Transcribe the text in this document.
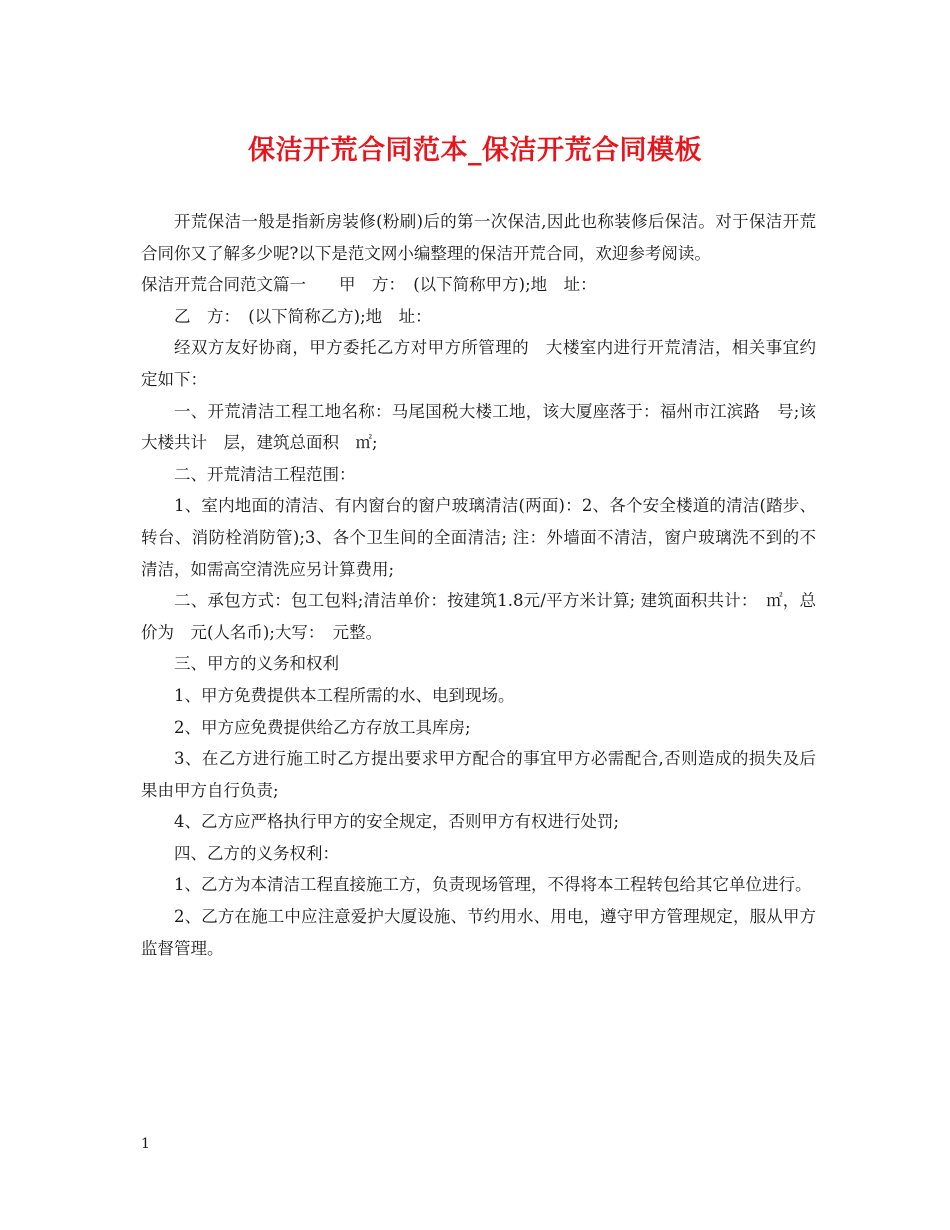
保洁开荒合同范本_保洁开荒合同模板

开荒保洁一般是指新房装修(粉刷)后的第一次保洁,因此也称装修后保洁。对于保洁开荒合同你又了解多少呢?以下是范文网小编整理的保洁开荒合同，欢迎参考阅读。

保洁开荒合同范文篇一　　甲　方：　(以下简称甲方);地　址：

乙　方：　(以下简称乙方);地　址：

经双方友好协商，甲方委托乙方对甲方所管理的　大楼室内进行开荒清洁，相关事宜约定如下：

一、开荒清洁工程工地名称：马尾国税大楼工地，该大厦座落于：福州市江滨路　号;该大楼共计　层，建筑总面积　㎡;

二、开荒清洁工程范围：

1、室内地面的清洁、有内窗台的窗户玻璃清洁(两面)：2、各个安全楼道的清洁(踏步、转台、消防栓消防管);3、各个卫生间的全面清洁; 注：外墙面不清洁，窗户玻璃洗不到的不清洁，如需高空清洗应另计算费用;

二、承包方式：包工包料;清洁单价：按建筑1.8元/平方米计算; 建筑面积共计：　㎡，总价为　元(人名币);大写：　元整。

三、甲方的义务和权利

1、甲方免费提供本工程所需的水、电到现场。

2、甲方应免费提供给乙方存放工具库房;

3、在乙方进行施工时乙方提出要求甲方配合的事宜甲方必需配合,否则造成的损失及后果由甲方自行负责;

4、乙方应严格执行甲方的安全规定，否则甲方有权进行处罚;

四、乙方的义务权利：

1、乙方为本清洁工程直接施工方，负责现场管理，不得将本工程转包给其它单位进行。

2、乙方在施工中应注意爱护大厦设施、节约用水、用电，遵守甲方管理规定，服从甲方监督管理。

1
